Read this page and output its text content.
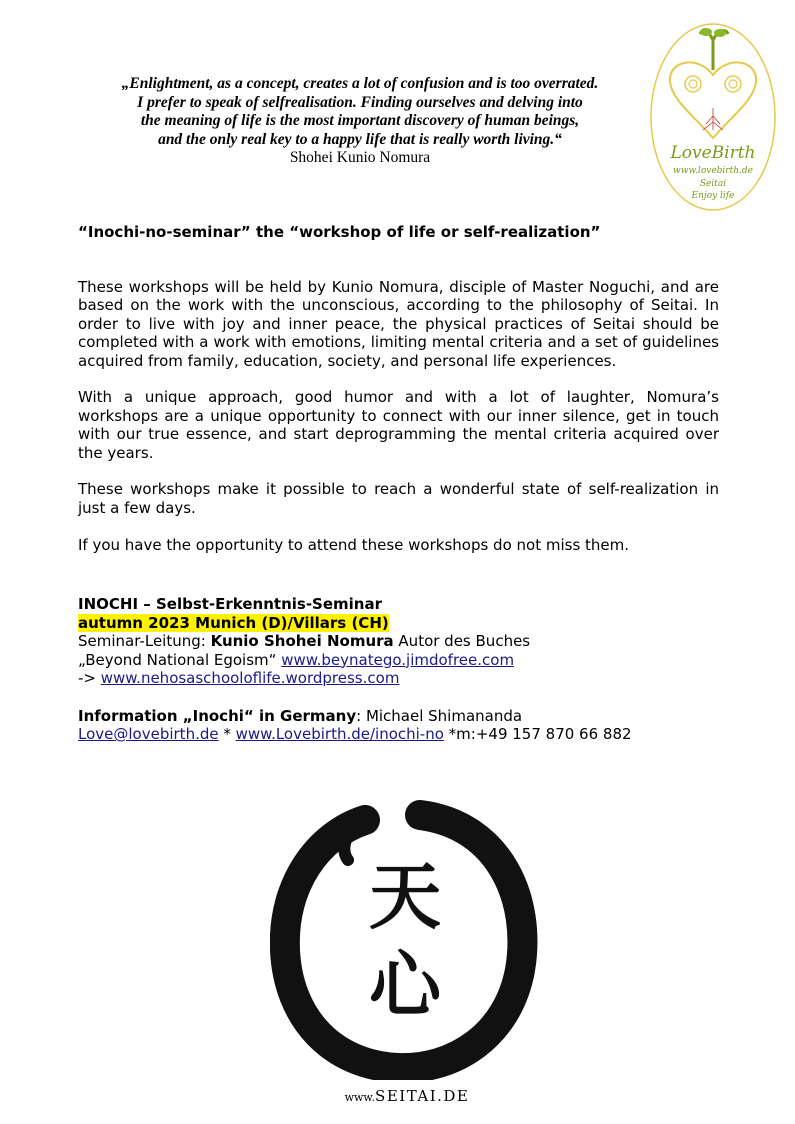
„Enlightment, as a concept, creates a lot of confusion and is too overrated.
I prefer to speak of selfrealisation. Finding ourselves and delving into
the meaning of life is the most important discovery of human beings,
and the only real key to a happy life that is really worth living.“
Shohei Kunio Nomura	LoveBirth
www.lovebirth.de
Seitai
Enjoy life
“Inochi-no-seminar” the “workshop of life or self-realization”

These workshops will be held by Kunio Nomura, disciple of Master Noguchi, and are based on the work with the unconscious, according to the philosophy of Seitai. In order to live with joy and inner peace, the physical practices of Seitai should be completed with a work with emotions, limiting mental criteria and a set of guidelines acquired from family, education, society, and personal life experiences.

With a unique approach, good humor and with a lot of laughter, Nomura’s workshops are a unique opportunity to connect with our inner silence, get in touch with our true essence, and start deprogramming the mental criteria acquired over the years.

These workshops make it possible to reach a wonderful state of self-realization in just a few days.

If you have the opportunity to attend these workshops do not miss them.

INOCHI – Selbst-Erkenntnis-Seminar
autumn 2023 Munich (D)/Villars (CH)
Seminar-Leitung: Kunio Shohei Nomura Autor des Buches
„Beyond National Egoism“ www.beynatego.jimdofree.com
-> www.nehosaschooloflife.wordpress.com
Information „Inochi“ in Germany: Michael Shimananda
Love@lovebirth.de * www.Lovebirth.de/inochi-no *m:+49 157 870 66 882
天
心
www.SEITAI.DE
